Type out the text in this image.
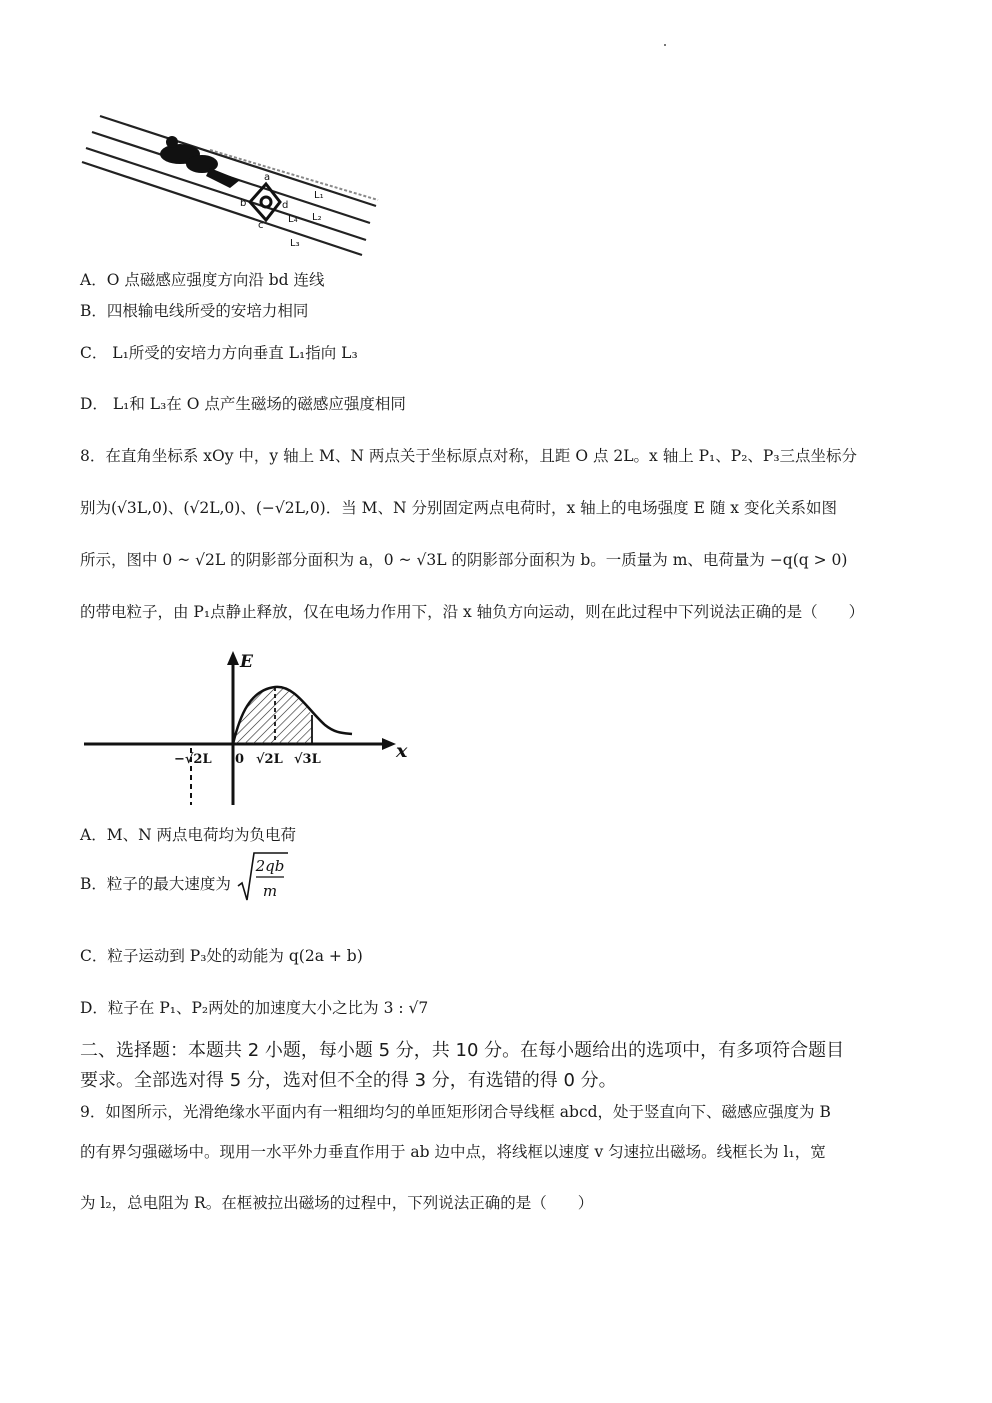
a
b
c
d
L₄ L₂
L₃
L₁
A．O 点磁感应强度方向沿 bd 连线
B．四根输电线所受的安培力相同
C． L₁所受的安培力方向垂直 L₁指向 L₃
D． L₁和 L₃在 O 点产生磁场的磁感应强度相同
8．在直角坐标系 xOy 中，y 轴上 M、N 两点关于坐标原点对称，且距 O 点 2L。x 轴上 P₁、P₂、P₃三点坐标分
别为(√3L,0)、(√2L,0)、(−√2L,0)．当 M、N 分别固定两点电荷时，x 轴上的电场强度 E 随 x 变化关系如图
所示，图中 0 ~ √2L 的阴影部分面积为 a，0 ~ √3L 的阴影部分面积为 b。一质量为 m、电荷量为 −q(q > 0)
的带电粒子，由 P₁点静止释放，仅在电场力作用下，沿 x 轴负方向运动，则在此过程中下列说法正确的是（　　）
E
x
−√2L 0 √2L √3L
A．M、N 两点电荷均为负电荷
B．粒子的最大速度为
2qb
m
C．粒子运动到 P₃处的动能为 q(2a + b)
D．粒子在 P₁、P₂两处的加速度大小之比为 3 : √7
二、选择题：本题共 2 小题，每小题 5 分，共 10 分。在每小题给出的选项中，有多项符合题目
要求。全部选对得 5 分，选对但不全的得 3 分，有选错的得 0 分。
9．如图所示，光滑绝缘水平面内有一粗细均匀的单匝矩形闭合导线框 abcd，处于竖直向下、磁感应强度为 B
的有界匀强磁场中。现用一水平外力垂直作用于 ab 边中点，将线框以速度 v 匀速拉出磁场。线框长为 l₁，宽
为 l₂，总电阻为 R。在框被拉出磁场的过程中，下列说法正确的是（　　）
